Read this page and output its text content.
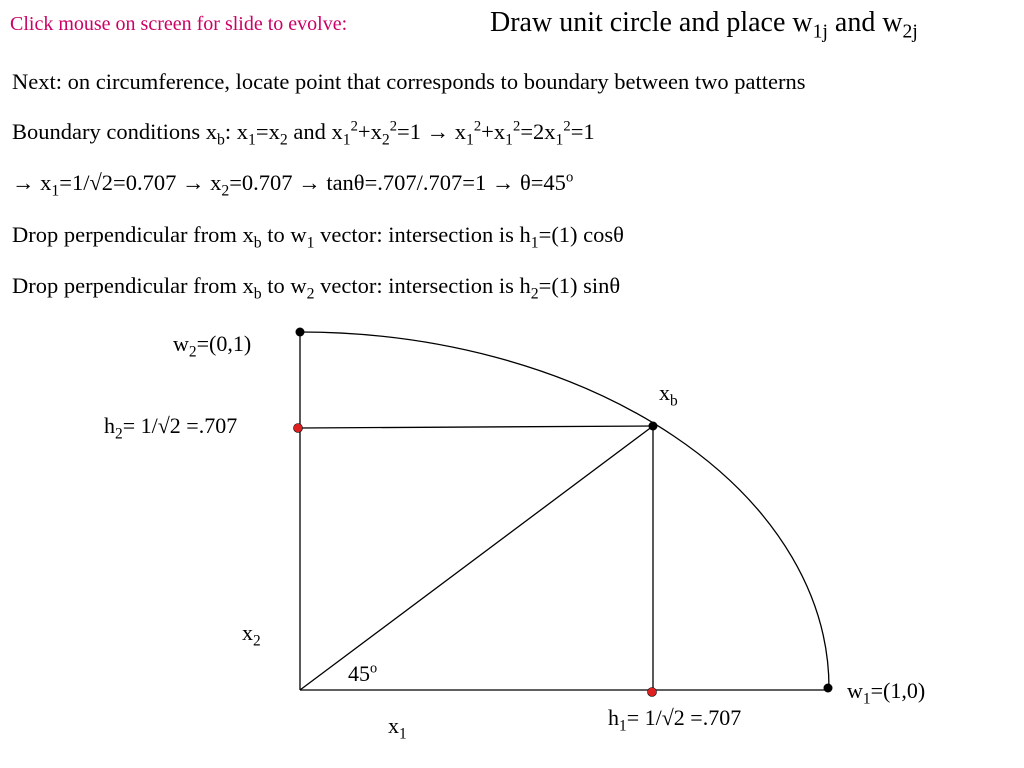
Click mouse on screen for slide to evolve:	Draw unit circle and place $w_{1j}$ and $w_{2j}$
Next: on circumference, locate point that corresponds to boundary between two patterns
Boundary conditions $x_b$: $x_1=x_2$ and $x_1^2+x_2^2=1 \to x_1^2+x_1^2=2x_1^2=1$
→ $x_1=1/√2=0.707 \to x_2=0.707 \to \tan\theta=.707/.707=1 \to \theta=45^o$
Drop perpendicular from $x_b$ to $w_1$ vector: intersection is $h_1=(1)$ cosθ
Drop perpendicular from $x_b$ to $w_2$ vector: intersection is $h_2=(1)$ sinθ
$w_2=(0,1)$
$x_b$
$h_2= 1/√2 =.707$
$x_2$
45$^o$
$w_1=(1,0)$
$h_1= 1/√2 =.707$
$x_1$
